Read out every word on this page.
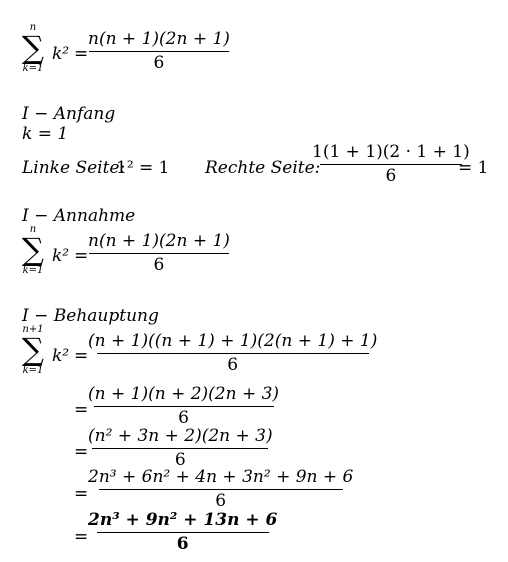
n
∑
k=1
k² =
n(n + 1)(2n + 1)
6
I − Anfang
k = 1
Linke Seite:
1² = 1 Rechte Seite:
1(1 + 1)(2 · 1 + 1)
6	= 1
I − Annahme
n
∑
k=1
k² =
n(n + 1)(2n + 1)
6
I − Behauptung
n+1
∑
k=1
k² =
(n + 1)((n + 1) + 1)(2(n + 1) + 1)
6
=
(n + 1)(n + 2)(2n + 3)
6
=
(n² + 3n + 2)(2n + 3)
6
=
2n³ + 6n² + 4n + 3n² + 9n + 6
6
=
2n³ + 9n² + 13n + 6
6
